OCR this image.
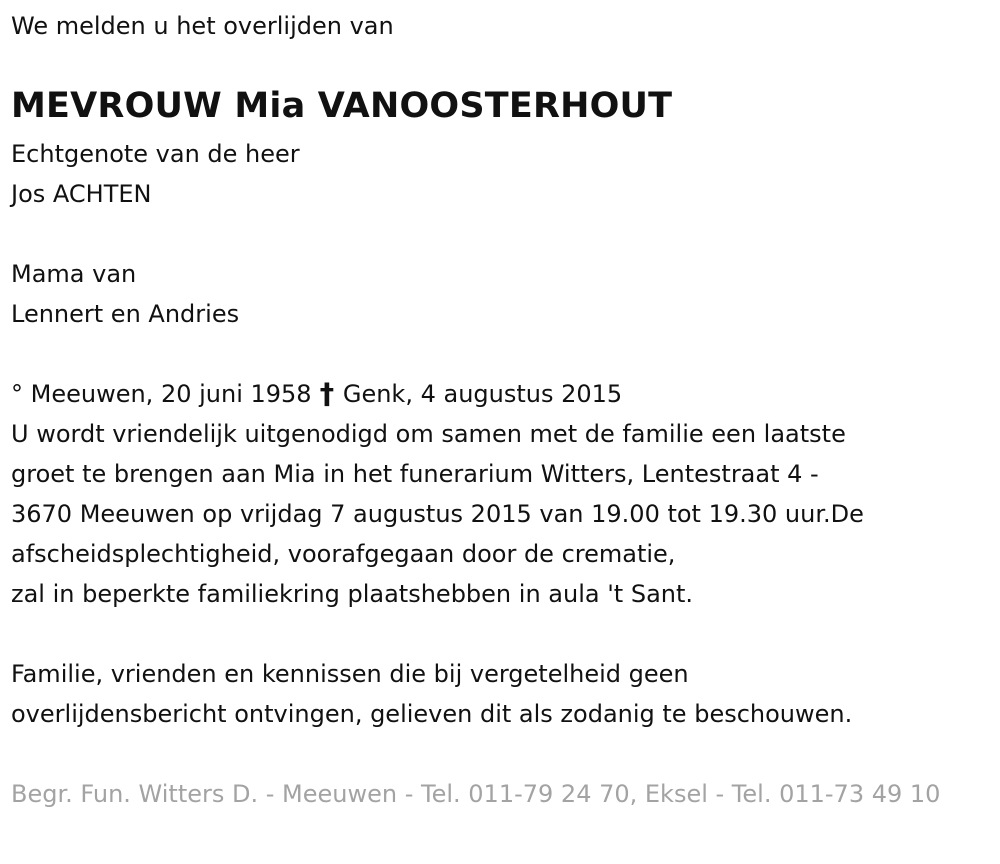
We melden u het overlijden van
MEVROUW Mia VANOOSTERHOUT
Echtgenote van de heer
Jos ACHTEN
Mama van
Lennert en Andries
° Meeuwen, 20 juni 1958 † Genk, 4 augustus 2015
U wordt vriendelijk uitgenodigd om samen met de familie een laatste
groet te brengen aan Mia in het funerarium Witters, Lentestraat 4 -
3670 Meeuwen op vrijdag 7 augustus 2015 van 19.00 tot 19.30 uur.De
afscheidsplechtigheid, voorafgegaan door de crematie,
zal in beperkte familiekring plaatshebben in aula 't Sant.
Familie, vrienden en kennissen die bij vergetelheid geen
overlijdensbericht ontvingen, gelieven dit als zodanig te beschouwen.
Begr. Fun. Witters D. - Meeuwen - Tel. 011-79 24 70, Eksel - Tel. 011-73 49 10
